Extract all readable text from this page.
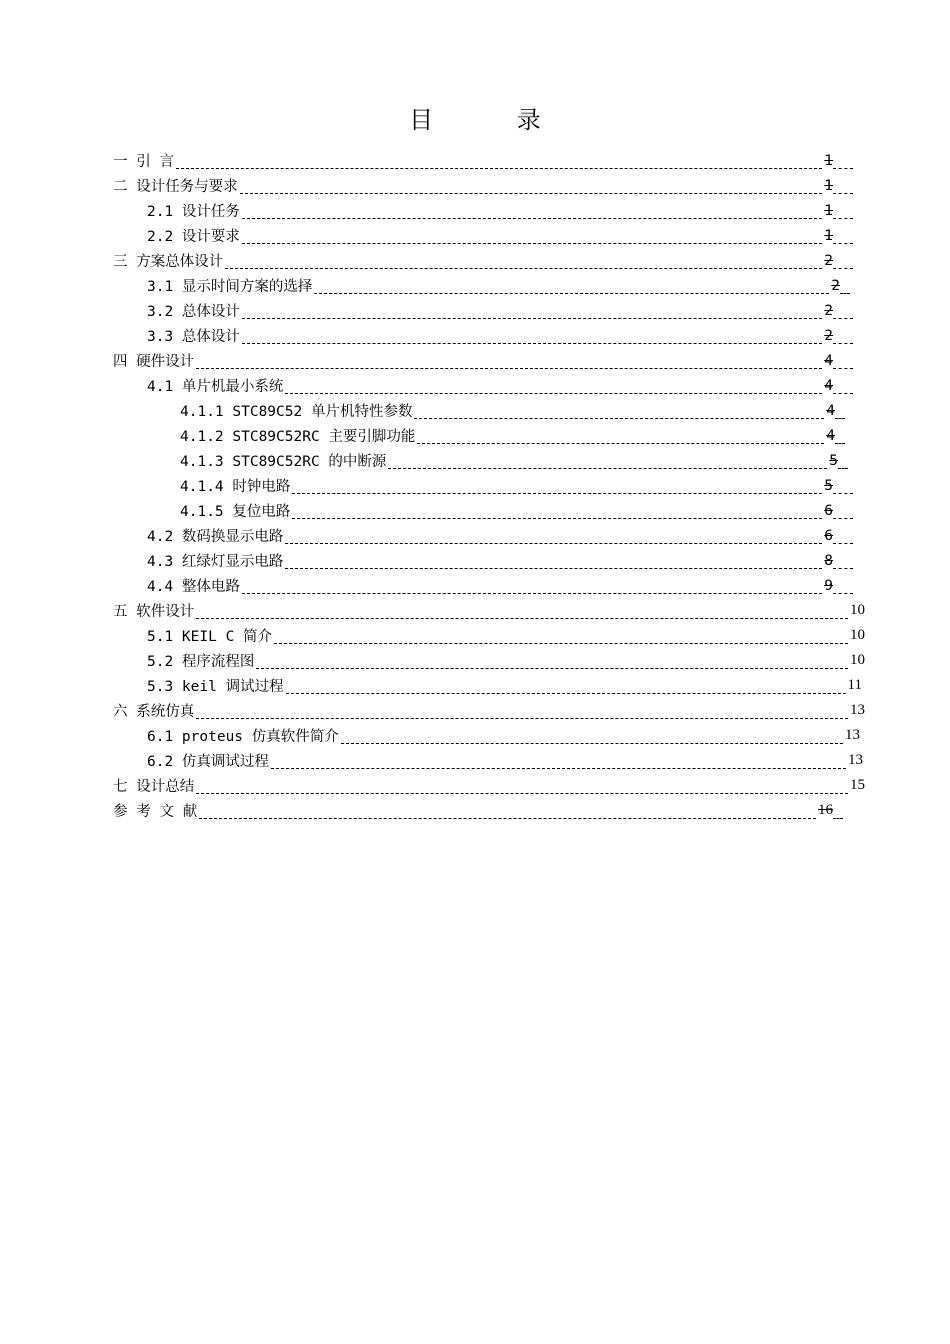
目 录
一 引 言	1
二 设计任务与要求	1
2.1 设计任务	1
2.2 设计要求	1
三 方案总体设计	2
3.1 显示时间方案的选择	2
3.2 总体设计	2
3.3 总体设计	2
四 硬件设计	4
4.1 单片机最小系统	4
4.1.1 STC89C52 单片机特性参数	4
4.1.2 STC89C52RC 主要引脚功能	4
4.1.3 STC89C52RC 的中断源	5
4.1.4 时钟电路	5
4.1.5 复位电路	6
4.2 数码换显示电路	6
4.3 红绿灯显示电路	8
4.4 整体电路	9
五 软件设计	10
5.1 KEIL C 简介	10
5.2 程序流程图	10
5.3 keil 调试过程	11
六 系统仿真	13
6.1 proteus 仿真软件简介	13
6.2 仿真调试过程	13
七 设计总结	15
参 考 文 献	16
